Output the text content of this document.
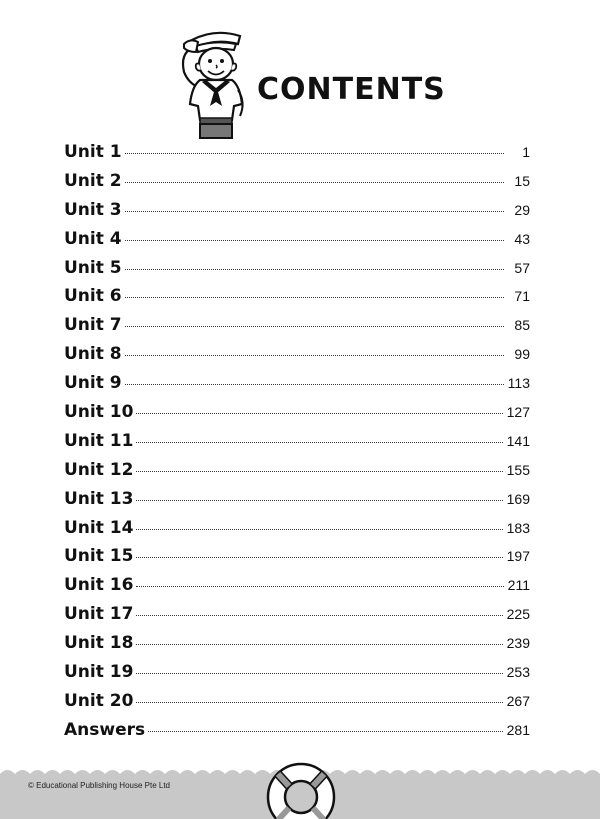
CONTENTS
Unit 1	1
Unit 2	15
Unit 3	29
Unit 4	43
Unit 5	57
Unit 6	71
Unit 7	85
Unit 8	99
Unit 9	113
Unit 10	127
Unit 11	141
Unit 12	155
Unit 13	169
Unit 14	183
Unit 15	197
Unit 16	211
Unit 17	225
Unit 18	239
Unit 19	253
Unit 20	267
Answers	281

© Educational Publishing House Pte Ltd
